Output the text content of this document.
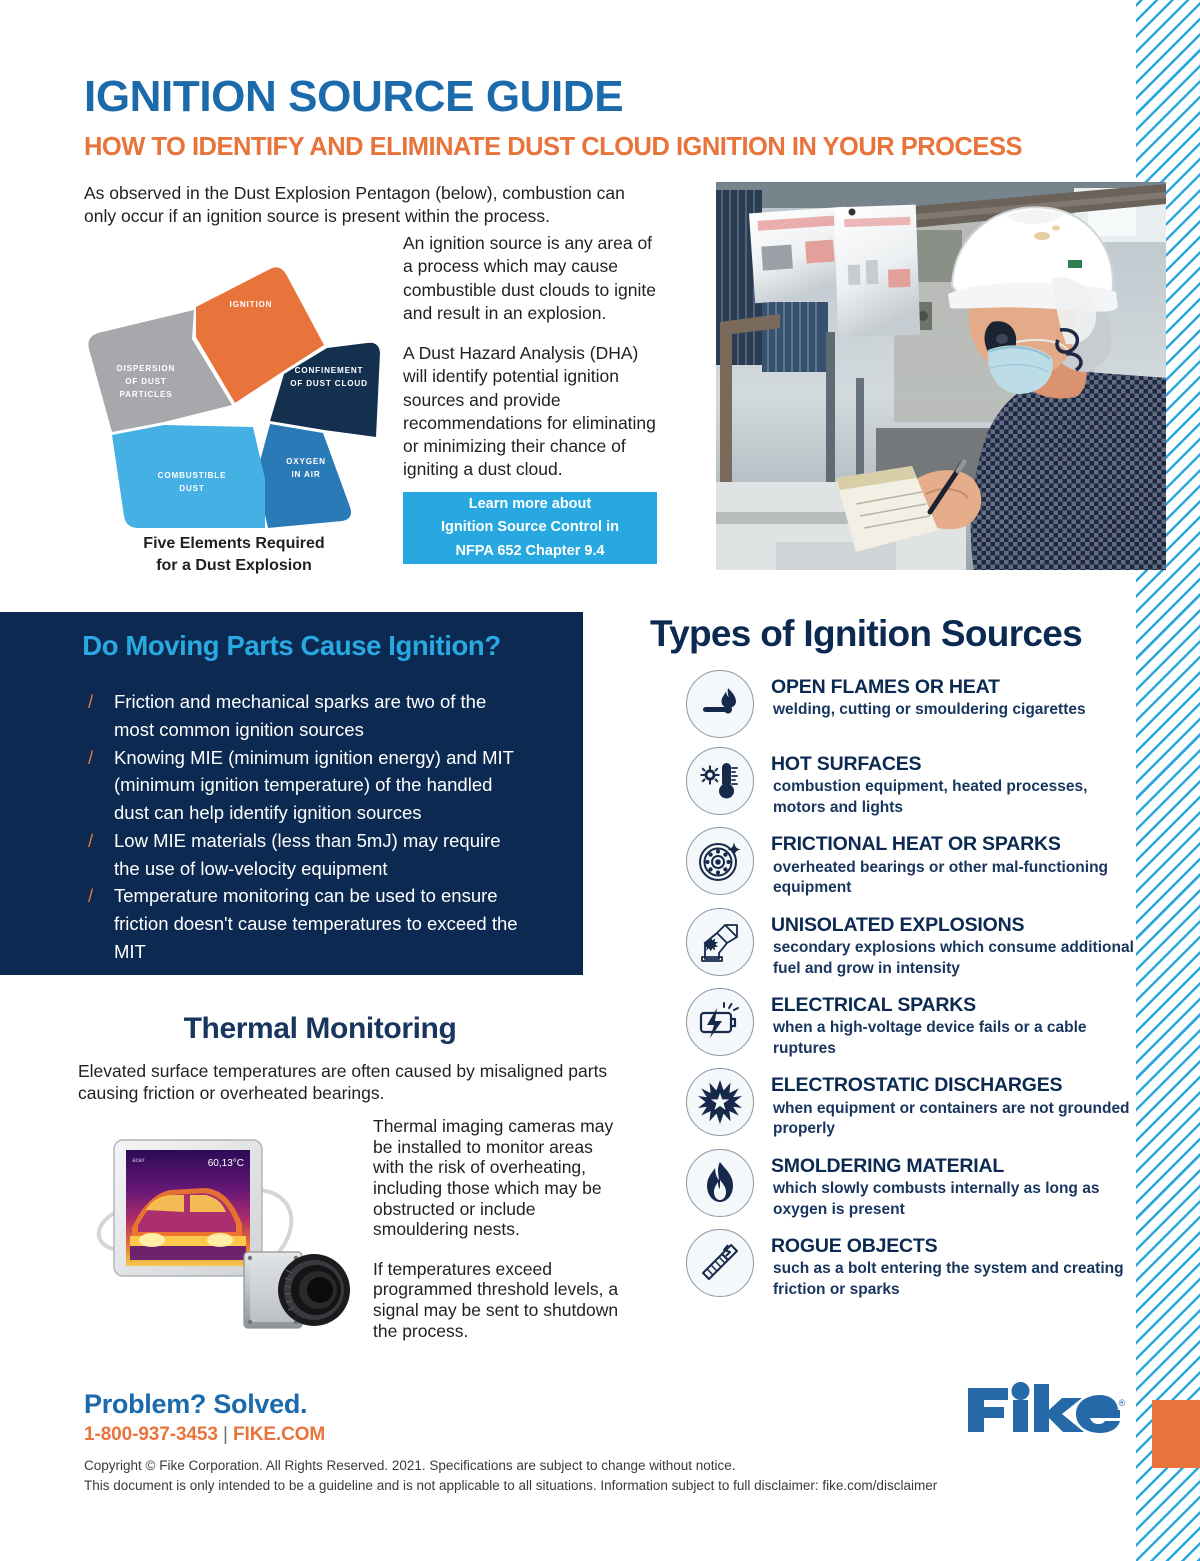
IGNITION SOURCE GUIDE
HOW TO IDENTIFY AND ELIMINATE DUST CLOUD IGNITION IN YOUR PROCESS

As observed in the Dust Explosion Pentagon (below), combustion can only occur if an ignition source is present within the process.

IGNITION
CONFINEMENT
OF DUST CLOUD
OXYGEN
IN AIR
COMBUSTIBLE
DUST
DISPERSION
OF DUST
PARTICLES
Five Elements Required
for a Dust Explosion

An ignition source is any area of a process which may cause combustible dust clouds to ignite and result in an explosion.

A Dust Hazard Analysis (DHA) will identify potential ignition sources and provide recommendations for eliminating or minimizing their chance of igniting a dust cloud.

Learn more about
Ignition Source Control in
NFPA 652 Chapter 9.4
Do Moving Parts Cause Ignition?
/ Friction and mechanical sparks are two of the most common ignition sources
/ Knowing MIE (minimum ignition energy) and MIT (minimum ignition temperature) of the handled dust can help identify ignition sources
/ Low MIE materials (less than 5mJ) may require the use of low-velocity equipment
/ Temperature monitoring can be used to ensure friction doesn't cause temperatures to exceed the MIT
Types of Ignition Sources
OPEN FLAMES OR HEAT
welding, cutting or smouldering cigarettes
HOT SURFACES
combustion equipment, heated processes, motors and lights
FRICTIONAL HEAT OR SPARKS
overheated bearings or other mal-functioning equipment
UNISOLATED EXPLOSIONS
secondary explosions which consume additional fuel and grow in intensity
ELECTRICAL SPARKS
when a high-voltage device fails or a cable ruptures
ELECTROSTATIC DISCHARGES
when equipment or containers are not grounded properly
SMOLDERING MATERIAL
which slowly combusts internally as long as oxygen is present
ROGUE OBJECTS
such as a bolt entering the system and creating friction or sparks
Thermal Monitoring

Elevated surface temperatures are often caused by misaligned parts causing friction or overheated bearings.

Thermal imaging cameras may be installed to monitor areas with the risk of overheating, including those which may be obstructed or include smouldering nests.

If temperatures exceed programmed threshold levels, a signal may be sent to shutdown the process.

60,13°C
acer
Problem? Solved.
1-800-937-3453 | FIKE.COM
Copyright © Fike Corporation. All Rights Reserved. 2021. Specifications are subject to change without notice.
This document is only intended to be a guideline and is not applicable to all situations. Information subject to full disclaimer: fike.com/disclaimer
®
